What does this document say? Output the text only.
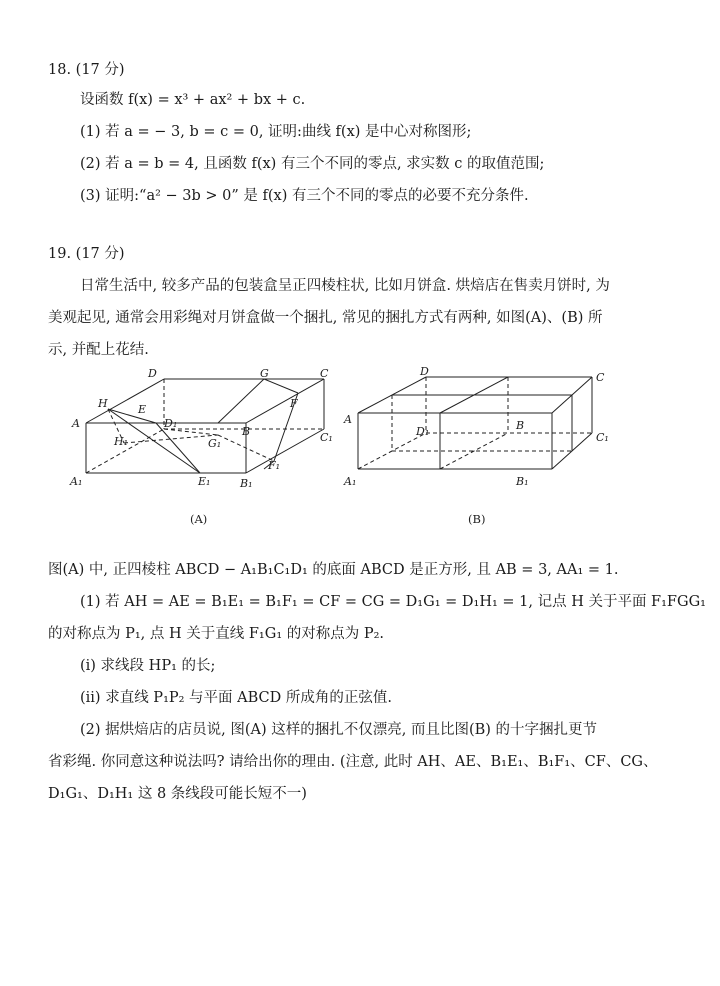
18. (17 分)
设函数 f(x) = x³ + ax² + bx + c.
(1) 若 a = − 3, b = c = 0, 证明:曲线 f(x) 是中心对称图形;
(2) 若 a = b = 4, 且函数 f(x) 有三个不同的零点, 求实数 c 的取值范围;
(3) 证明:“a² − 3b > 0” 是 f(x) 有三个不同的零点的必要不充分条件.
19. (17 分)
日常生活中, 较多产品的包装盒呈正四棱柱状, 比如月饼盒. 烘焙店在售卖月饼时, 为
美观起见, 通常会用彩绳对月饼盒做一个捆扎, 常见的捆扎方式有两种, 如图(A)、(B) 所
示, 并配上花结.
A
B
C
D
A₁	B₁
C₁
D₁
E
E₁
F
F₁
G
G₁
H
H₁
A	B
C
D
A₁	B₁
C₁
D₁
(A)	(B)
图(A) 中, 正四棱柱 ABCD − A₁B₁C₁D₁ 的底面 ABCD 是正方形, 且 AB = 3, AA₁ = 1.
(1) 若 AH = AE = B₁E₁ = B₁F₁ = CF = CG = D₁G₁ = D₁H₁ = 1, 记点 H 关于平面 F₁FGG₁
的对称点为 P₁, 点 H 关于直线 F₁G₁ 的对称点为 P₂.
(ⅰ) 求线段 HP₁ 的长;
(ⅱ) 求直线 P₁P₂ 与平面 ABCD 所成角的正弦值.
(2) 据烘焙店的店员说, 图(A) 这样的捆扎不仅漂亮, 而且比图(B) 的十字捆扎更节
省彩绳. 你同意这种说法吗? 请给出你的理由. (注意, 此时 AH、AE、B₁E₁、B₁F₁、CF、CG、
D₁G₁、D₁H₁ 这 8 条线段可能长短不一)
